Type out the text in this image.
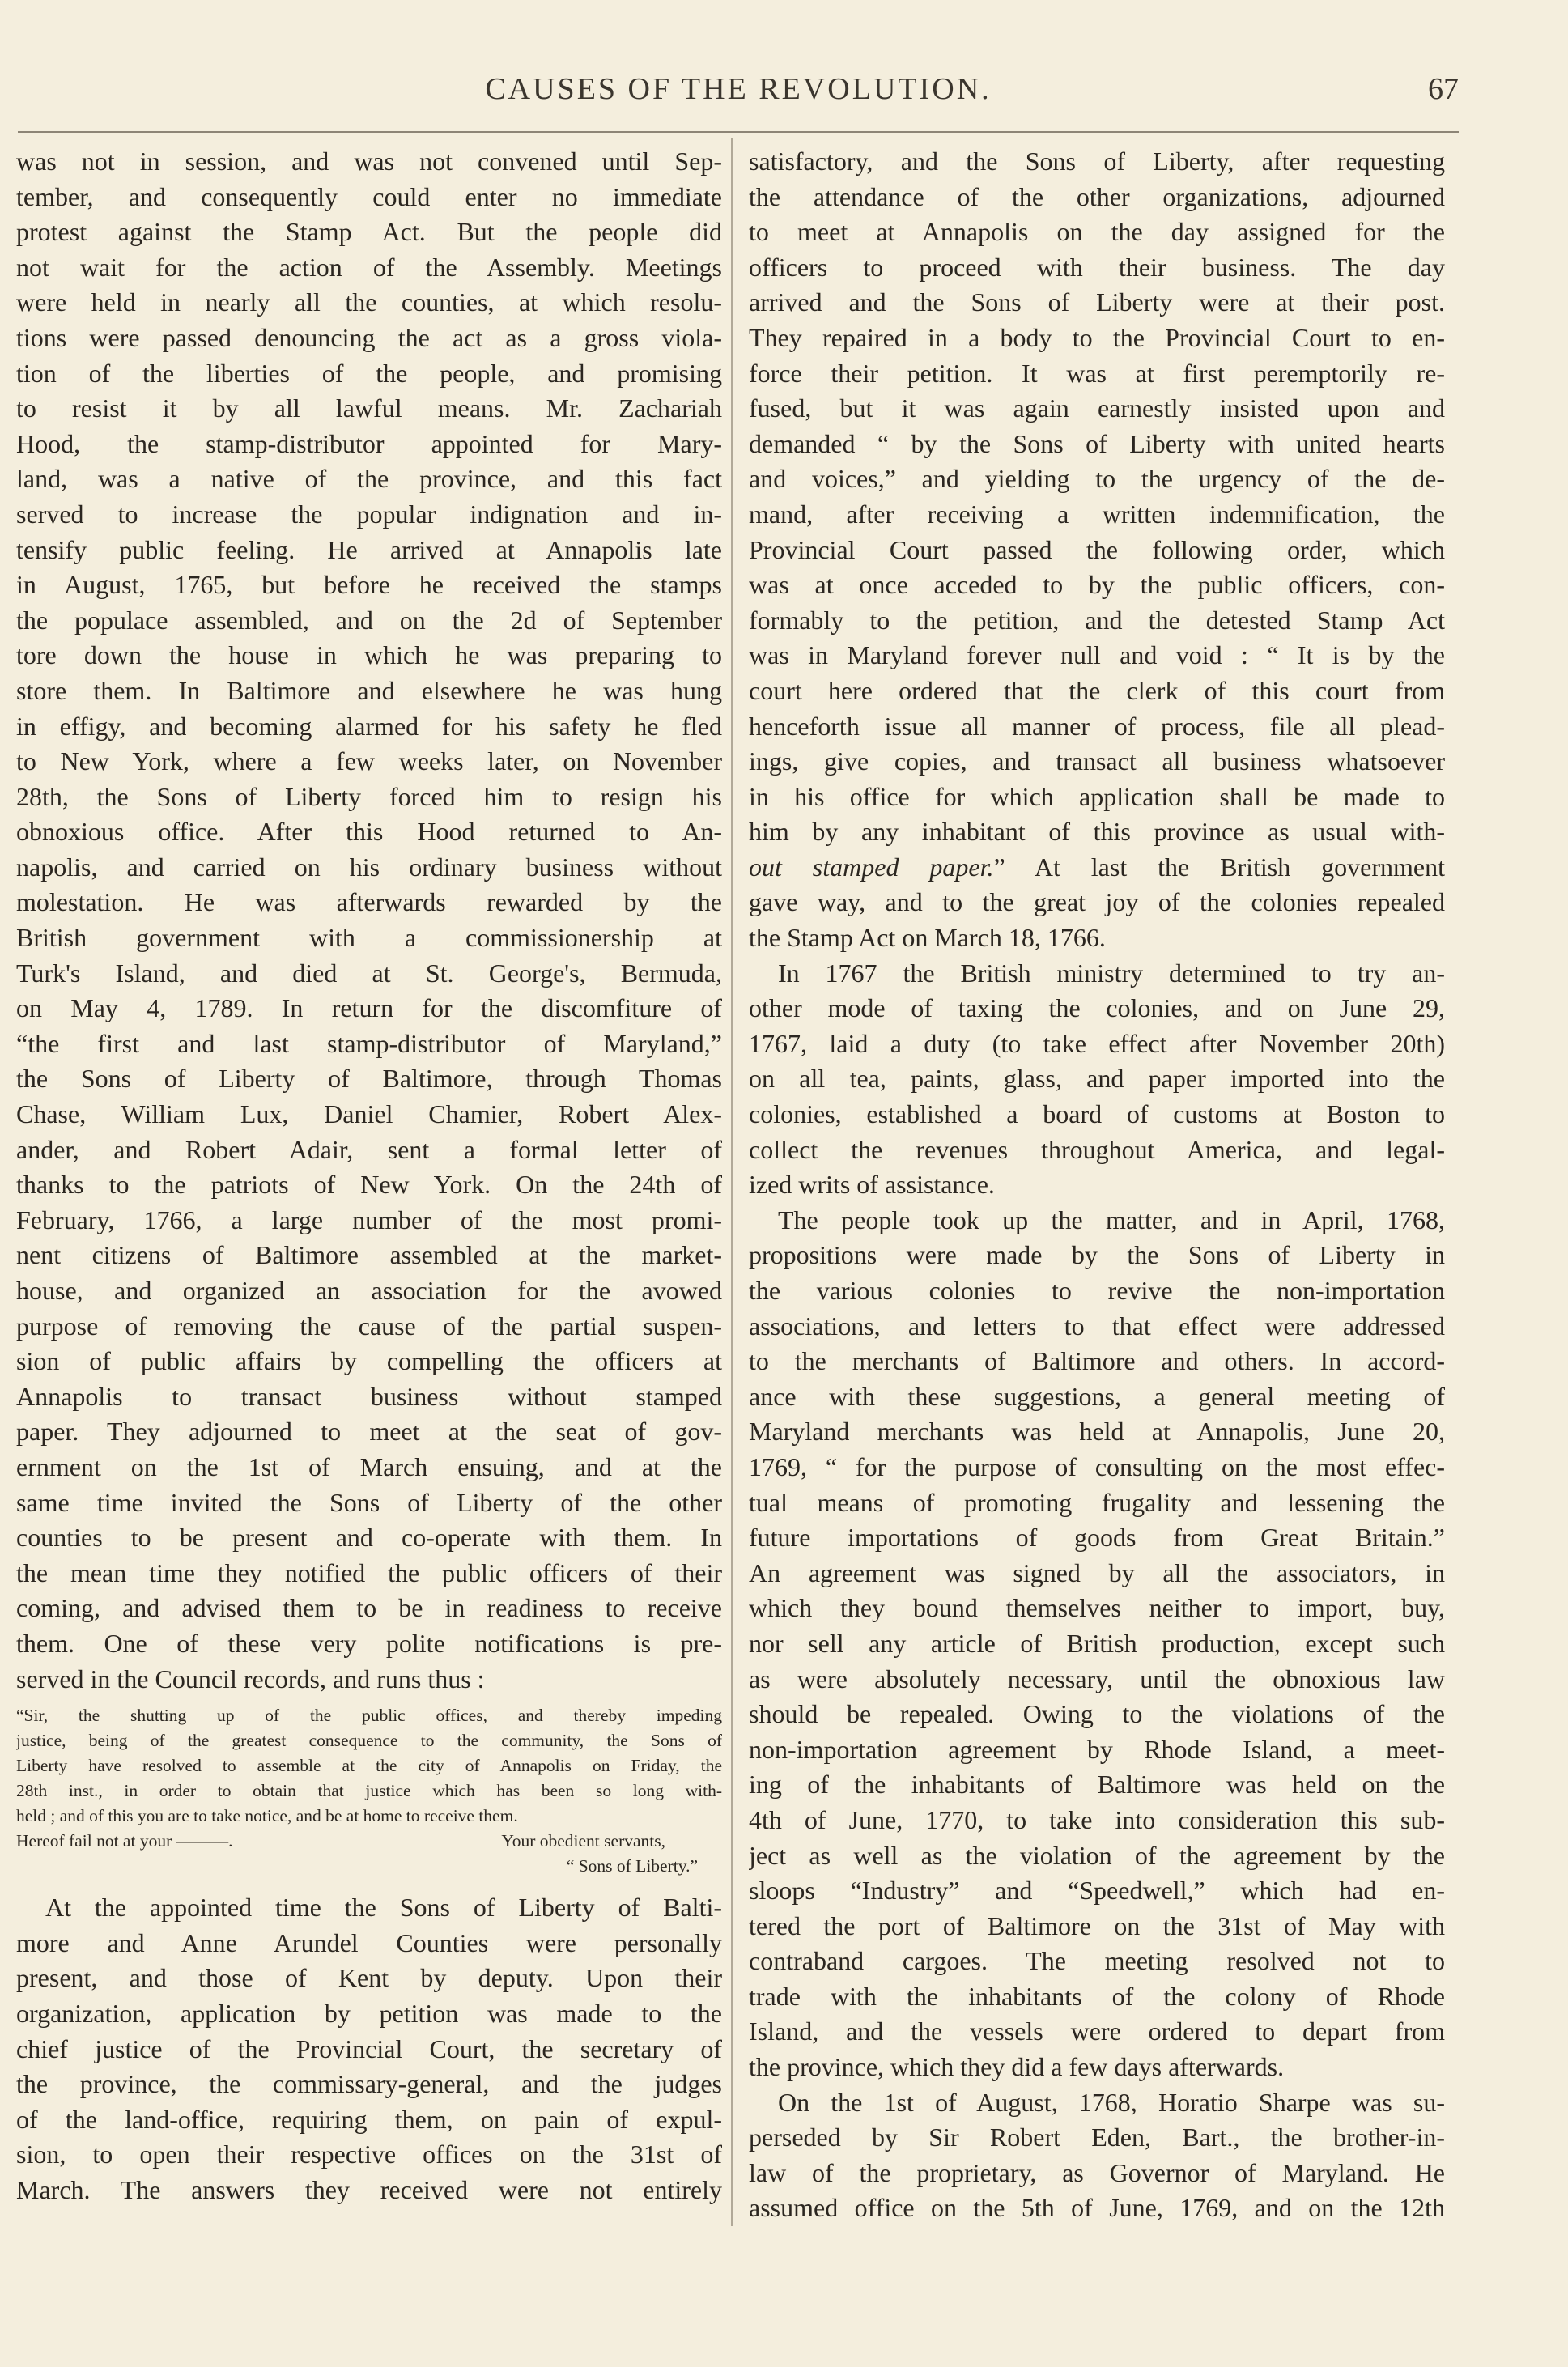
CAUSES OF THE REVOLUTION.	67
was not in session, and was not convened until Sep-
tember, and consequently could enter no immediate
protest against the Stamp Act. But the people did
not wait for the action of the Assembly. Meetings
were held in nearly all the counties, at which resolu-
tions were passed denouncing the act as a gross viola-
tion of the liberties of the people, and promising
to resist it by all lawful means. Mr. Zachariah
Hood, the stamp-distributor appointed for Mary-
land, was a native of the province, and this fact
served to increase the popular indignation and in-
tensify public feeling. He arrived at Annapolis late
in August, 1765, but before he received the stamps
the populace assembled, and on the 2d of September
tore down the house in which he was preparing to
store them. In Baltimore and elsewhere he was hung
in effigy, and becoming alarmed for his safety he fled
to New York, where a few weeks later, on November
28th, the Sons of Liberty forced him to resign his
obnoxious office. After this Hood returned to An-
napolis, and carried on his ordinary business without
molestation. He was afterwards rewarded by the
British government with a commissionership at
Turk's Island, and died at St. George's, Bermuda,
on May 4, 1789. In return for the discomfiture of
“the first and last stamp-distributor of Maryland,”
the Sons of Liberty of Baltimore, through Thomas
Chase, William Lux, Daniel Chamier, Robert Alex-
ander, and Robert Adair, sent a formal letter of
thanks to the patriots of New York. On the 24th of
February, 1766, a large number of the most promi-
nent citizens of Baltimore assembled at the market-
house, and organized an association for the avowed
purpose of removing the cause of the partial suspen-
sion of public affairs by compelling the officers at
Annapolis to transact business without stamped
paper. They adjourned to meet at the seat of gov-
ernment on the 1st of March ensuing, and at the
same time invited the Sons of Liberty of the other
counties to be present and co-operate with them. In
the mean time they notified the public officers of their
coming, and advised them to be in readiness to receive
them. One of these very polite notifications is pre-
served in the Council records, and runs thus :
“Sir, the shutting up of the public offices, and thereby impeding
justice, being of the greatest consequence to the community, the Sons of
Liberty have resolved to assemble at the city of Annapolis on Friday, the
28th inst., in order to obtain that justice which has been so long with-
held ; and of this you are to take notice, and be at home to receive them.
Hereof fail not at your ———.	Your obedient servants,
“ Sons of Liberty.”
At the appointed time the Sons of Liberty of Balti-
more and Anne Arundel Counties were personally
present, and those of Kent by deputy. Upon their
organization, application by petition was made to the
chief justice of the Provincial Court, the secretary of
the province, the commissary-general, and the judges
of the land-office, requiring them, on pain of expul-
sion, to open their respective offices on the 31st of
March. The answers they received were not entirely
satisfactory, and the Sons of Liberty, after requesting
the attendance of the other organizations, adjourned
to meet at Annapolis on the day assigned for the
officers to proceed with their business. The day
arrived and the Sons of Liberty were at their post.
They repaired in a body to the Provincial Court to en-
force their petition. It was at first peremptorily re-
fused, but it was again earnestly insisted upon and
demanded “ by the Sons of Liberty with united hearts
and voices,” and yielding to the urgency of the de-
mand, after receiving a written indemnification, the
Provincial Court passed the following order, which
was at once acceded to by the public officers, con-
formably to the petition, and the detested Stamp Act
was in Maryland forever null and void : “ It is by the
court here ordered that the clerk of this court from
henceforth issue all manner of process, file all plead-
ings, give copies, and transact all business whatsoever
in his office for which application shall be made to
him by any inhabitant of this province as usual with-
out stamped paper.” At last the British government
gave way, and to the great joy of the colonies repealed
the Stamp Act on March 18, 1766.
In 1767 the British ministry determined to try an-
other mode of taxing the colonies, and on June 29,
1767, laid a duty (to take effect after November 20th)
on all tea, paints, glass, and paper imported into the
colonies, established a board of customs at Boston to
collect the revenues throughout America, and legal-
ized writs of assistance.
The people took up the matter, and in April, 1768,
propositions were made by the Sons of Liberty in
the various colonies to revive the non-importation
associations, and letters to that effect were addressed
to the merchants of Baltimore and others. In accord-
ance with these suggestions, a general meeting of
Maryland merchants was held at Annapolis, June 20,
1769, “ for the purpose of consulting on the most effec-
tual means of promoting frugality and lessening the
future importations of goods from Great Britain.”
An agreement was signed by all the associators, in
which they bound themselves neither to import, buy,
nor sell any article of British production, except such
as were absolutely necessary, until the obnoxious law
should be repealed. Owing to the violations of the
non-importation agreement by Rhode Island, a meet-
ing of the inhabitants of Baltimore was held on the
4th of June, 1770, to take into consideration this sub-
ject as well as the violation of the agreement by the
sloops “Industry” and “Speedwell,” which had en-
tered the port of Baltimore on the 31st of May with
contraband cargoes. The meeting resolved not to
trade with the inhabitants of the colony of Rhode
Island, and the vessels were ordered to depart from
the province, which they did a few days afterwards.
On the 1st of August, 1768, Horatio Sharpe was su-
perseded by Sir Robert Eden, Bart., the brother-in-
law of the proprietary, as Governor of Maryland. He
assumed office on the 5th of June, 1769, and on the 12th
